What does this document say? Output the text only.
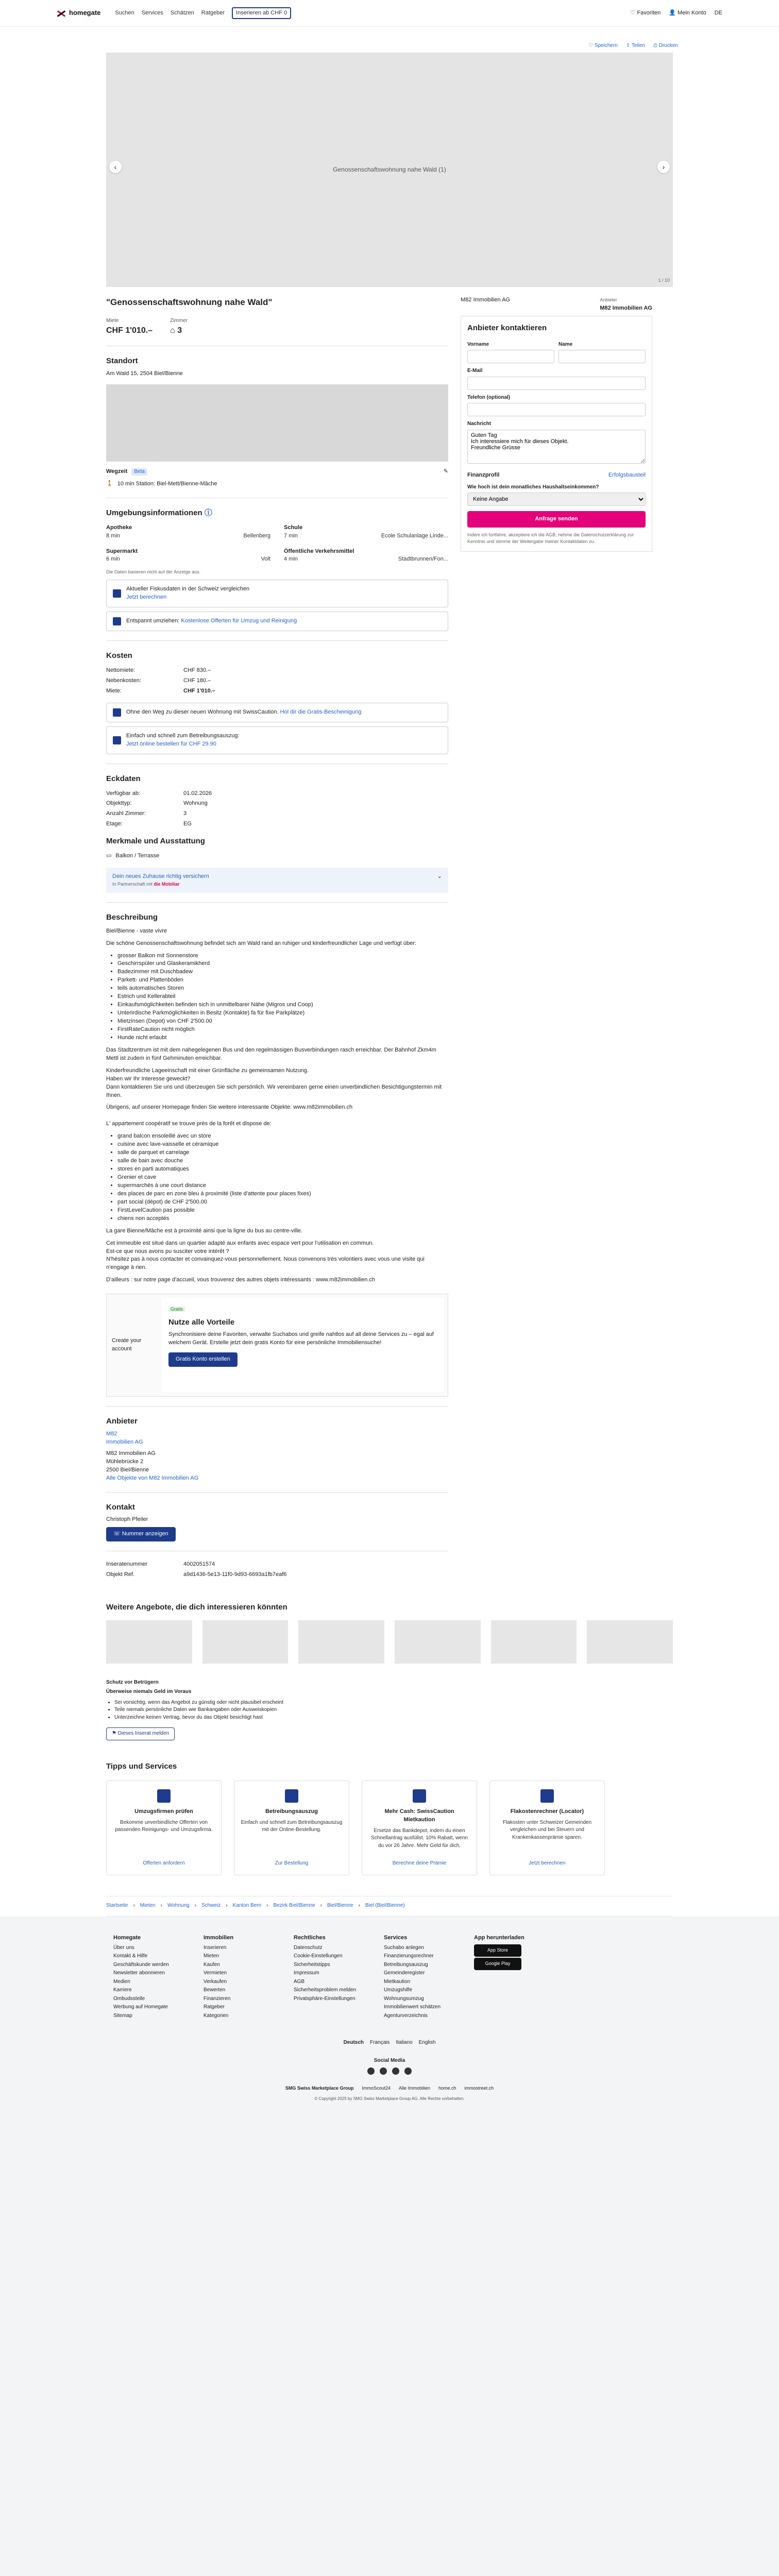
homegate	Suchen Services Schätzen Ratgeber	Inserieren ab CHF 0	♡ Favoriten 👤 Mein Konto DE
♡ Speichern ⇪ Teilen ⎙ Drucken
Genossenschaftswohnung nahe Wald (1)
‹	›
1 / 10
"Genossenschaftswohnung nahe Wald"
Miete
CHF 1'010.–
Zimmer
⌂ 3
Standort
Am Wald 15, 2504 Biel/Bienne
Wegzeit	Beta	✎
🚶 10 min Station: Biel-Mett/Bienne-Mâche
Umgebungsinformationen ⓘ
Apotheke
8 min	Bellenberg
Schule
7 min	Ecole Schulanlage Linde...
Supermarkt
6 min	Volt
Öffentliche Verkehrsmittel
4 min	Stadtbrunnen/Fon...
Die Daten basieren nicht auf der Anzeige aus.
Aktueller Fiskusdaten in der Schweiz vergleichen
Jetzt berechnen
Entspannt umziehen: Kostenlose Offerten für Umzug und Reinigung
Kosten
Nettomiete:	CHF 830.–
Nebenkosten:	CHF 180.–
Miete:	CHF 1'010.–
Ohne den Weg zu dieser neuen Wohnung mit SwissCaution. Hol dir die Gratis-Bescheinigung
Einfach und schnell zum Betreibungsauszug:
Jetzt online bestellen für CHF 29.90
Eckdaten
Verfügbar ab:	01.02.2026
Objekttyp:	Wohnung
Anzahl Zimmer:	3
Etage:	EG
Merkmale und Ausstattung
▭ Balkon / Terrasse
Dein neues Zuhause richtig versichern
In Partnerschaft mit die Mobiliar
⌄
Beschreibung

Biel/Bienne - vaste vivre

Die schöne Genossenschaftswohnung befindet sich am Wald rand an ruhiger und kinderfreundlicher Lage und verfügt über:

• grosser Balkon mit Sonnenstore
• Geschirrspüler und Glaskeramikherd
• Badezimmer mit Duschbadew
• Parkett- und Plattenböden
• teils automatisches Storen
• Estrich und Kellerabteil
• Einkaufsmöglichkeiten befinden sich in unmittelbarer Nähe (Migros und Coop)
• Unterirdische Parkmöglichkeiten in Besitz (Kontakte) fa für fixe Parkplätze)
• Mietzinsen (Depot) von CHF 2'500.00
• FirstRateCaution nicht möglich
• Hunde nicht erlaubt

Das Stadtzentrum ist mit dem nahegelegenen Bus und den regelmässigen Busverbindungen rasch erreichbar. Der Bahnhof Zkm4m Mettl ist zudem in fünf Gehminuten erreichbar.

Kinderfreundliche Lageeinschaft mit einer Grünfläche zu gemeinsamen Nutzung.
Haben wir Ihr Interesse geweckt?
Dann kontaktieren Sie uns und überzeugen Sie sich persönlich. Wir vereinbaren gerne einen unverbindlichen Besichtigungstermin mit Ihnen.

Übrigens, auf unserer Homepage finden Sie weitere interessante Objekte: www.m82immobilien.ch

L' appartement coopératif se trouve près de la forêt et dispose de:

• grand balcon ensoleillé avec un store
• cuisine avec lave-vaisselle et céramique
• salle de parquet et carrelage
• salle de bain avec douche
• stores en parti automatiques
• Grenier et cave
• supermarchés à une court distance
• des places de parc en zone bleu à proximité (liste d'attente pour places fixes)
• part social (dépot) de CHF 2'500.00
• FirstLevelCaution pas possible
• chiens non acceptés

La gare Bienne/Mâche est à proximité ainsi que la ligne du bus au centre-ville.

Cet immeuble est situé dans un quartier adapté aux enfants avec espace vert pour l'utilisation en commun.
Est-ce que nous avons pu susciter votre intérêt ?
N'hésitez pas à nous contacter et convainquez-vous personnellement. Nous convenons très volontiers avec vous une visite qui n'engage à rien.

D'ailleurs : sur notre page d'accueil, vous trouverez des autres objets intéressants : www.m82immobilien.ch

Create your account
Gratis
Nutze alle Vorteile

Synchronisiere deine Favoriten, verwalte Suchabos und greife nahtlos auf all deine Services zu – egal auf welchem Gerät. Erstelle jetzt dein gratis Konto für eine persönliche Immobiliensuche!

Gratis Konto erstellen
Anbieter
M82
Immobilien AG
M82 Immobilien AG
Mühlebrücke 2
2500 Biel/Bienne
Alle Objekte von M82 Immobilien AG
Kontakt
Christoph Pfeiler
☏ Nummer anzeigen
Inseratenummer	4002051574
Objekt Ref.	a9d1436-5e13-11f0-9d93-6693a1fb7eaf6
M82 Immobilien AG	Anbieter
M82 Immobilien AG
Anbieter kontaktieren
Vorname	Name
E-Mail
Telefon (optional)
Nachricht
Guten Tag Ich interessiere mich für dieses Objekt. Freundliche Grüsse
Finanzprofil	Erfolgsbausteil
Wie hoch ist dein monatliches Haushaltseinkommen?
Keine Angabe
Anfrage senden

Indem ich fortfahre, akzeptiere ich die AGB, nehme die Datenschutzerklärung zur Kenntnis und stimme der Weitergabe meiner Kontaktdaten zu.

Weitere Angebote, die dich interessieren könnten
Schutz vor Betrügern
Überweise niemals Geld im Voraus
• Sei vorsichtig, wenn das Angebot zu günstig oder nicht plausibel erscheint
• Teile niemals persönliche Daten wie Bankangaben oder Ausweiskopien
• Unterzeichne keinen Vertrag, bevor du das Objekt besichtigt hast
⚑ Dieses Inserat melden
Tipps und Services
Umzugsfirmen prüfen

Bekomme unverbindliche Offerten von passenden Reinigungs- und Umzugsfirma.

Offerten anfordern
Betreibungsauszug

Einfach und schnell zum Betreibungsauszug mit der Online-Bestellung.

Zur Bestellung
Mehr Cash: SwissCaution Mietkaution

Ersetze das Bankdepot, indem du einen Schnellantrag ausfüllst. 10% Rabatt, wenn du vor 26 Jahre. Mehr Geld für dich.

Berechne deine Prämie
Flakostenrechner (Locator)

Flakosten unter Schweizer Gemeinden vergleichen und bei Steuern und Krankenkassenprämie sparen.

Jetzt berechnen
Startseite › Mieten › Wohnung › Schweiz › Kanton Bern › Bezirk Biel/Bienne › Biel/Bienne › Biel (Biel/Bienne)
Homegate
Über uns
Kontakt & Hilfe
Geschäftskunde werden
Newsletter abonnieren
Medien
Karriere
Ombudsstelle
Werbung auf Homegate
Sitemap
Immobilien
Inserieren
Mieten
Kaufen
Vermieten
Verkaufen
Bewerten
Finanzieren
Ratgeber
Kategorien
Rechtliches
Datenschutz
Cookie-Einstellungen
Sicherheitstipps
Impressum
AGB
Sicherheitsproblem melden
Privatsphäre-Einstellungen
Services
Suchabo anlegen
Finanzierungsrechner
Betreibungsauszug
Gemeinderegister
Mietkaution
Umzugshilfe
Wohnungsumzug
Immobilienwert schätzen
Agenturverzeichnis
App herunterladen
App Store
Google Play
Deutsch Français Italiano English
Social Media
SMG Swiss Marketplace Group ImmoScout24 Alle Immobilien home.ch immostreet.ch
© Copyright 2025 by SMG Swiss Marketplace Group AG. Alle Rechte vorbehalten.
